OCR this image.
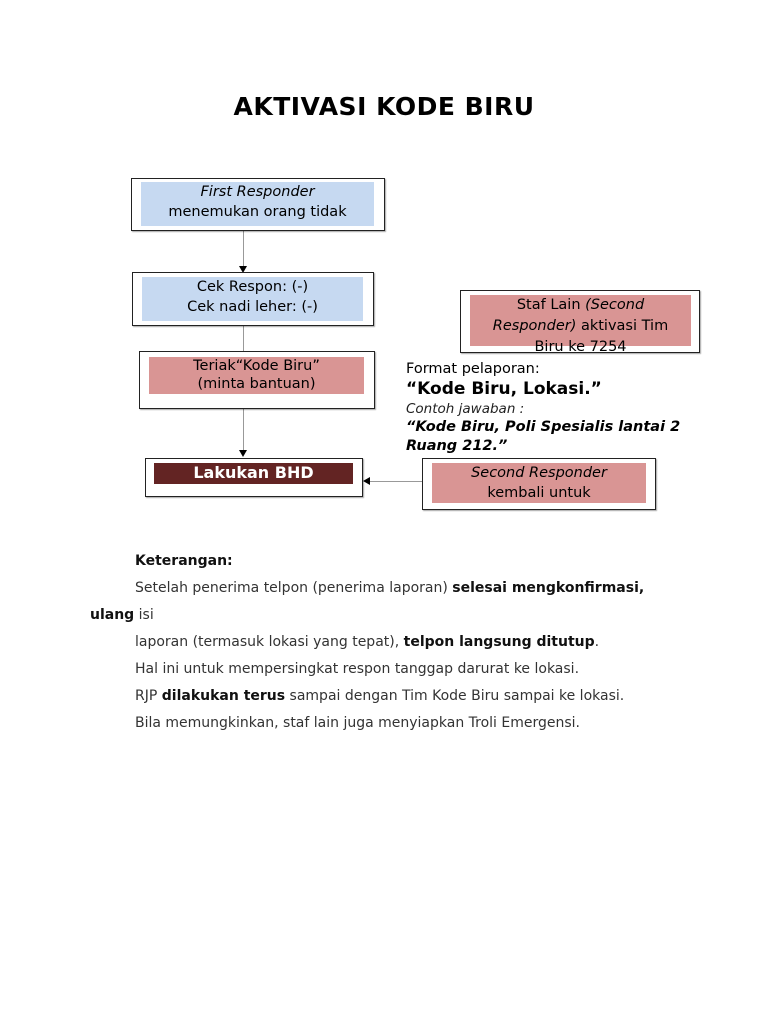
AKTIVASI KODE BIRU
First Responder
menemukan orang tidak
Cek Respon: (-)
Cek nadi leher: (-)
Teriak“Kode Biru”
(minta bantuan)
Lakukan BHD
Staf Lain (Second Responder) aktivasi Tim Biru ke 7254
Second Responder
kembali untuk
Format pelaporan:
“Kode Biru, Lokasi.”
Contoh jawaban :
“Kode Biru, Poli Spesialis lantai 2 Ruang 212.”

Keterangan:

Setelah penerima telpon (penerima laporan) selesai mengkonfirmasi,

ulang isi

laporan (termasuk lokasi yang tepat), telpon langsung ditutup.

Hal ini untuk mempersingkat respon tanggap darurat ke lokasi.

RJP dilakukan terus sampai dengan Tim Kode Biru sampai ke lokasi.

Bila memungkinkan, staf lain juga menyiapkan Troli Emergensi.
